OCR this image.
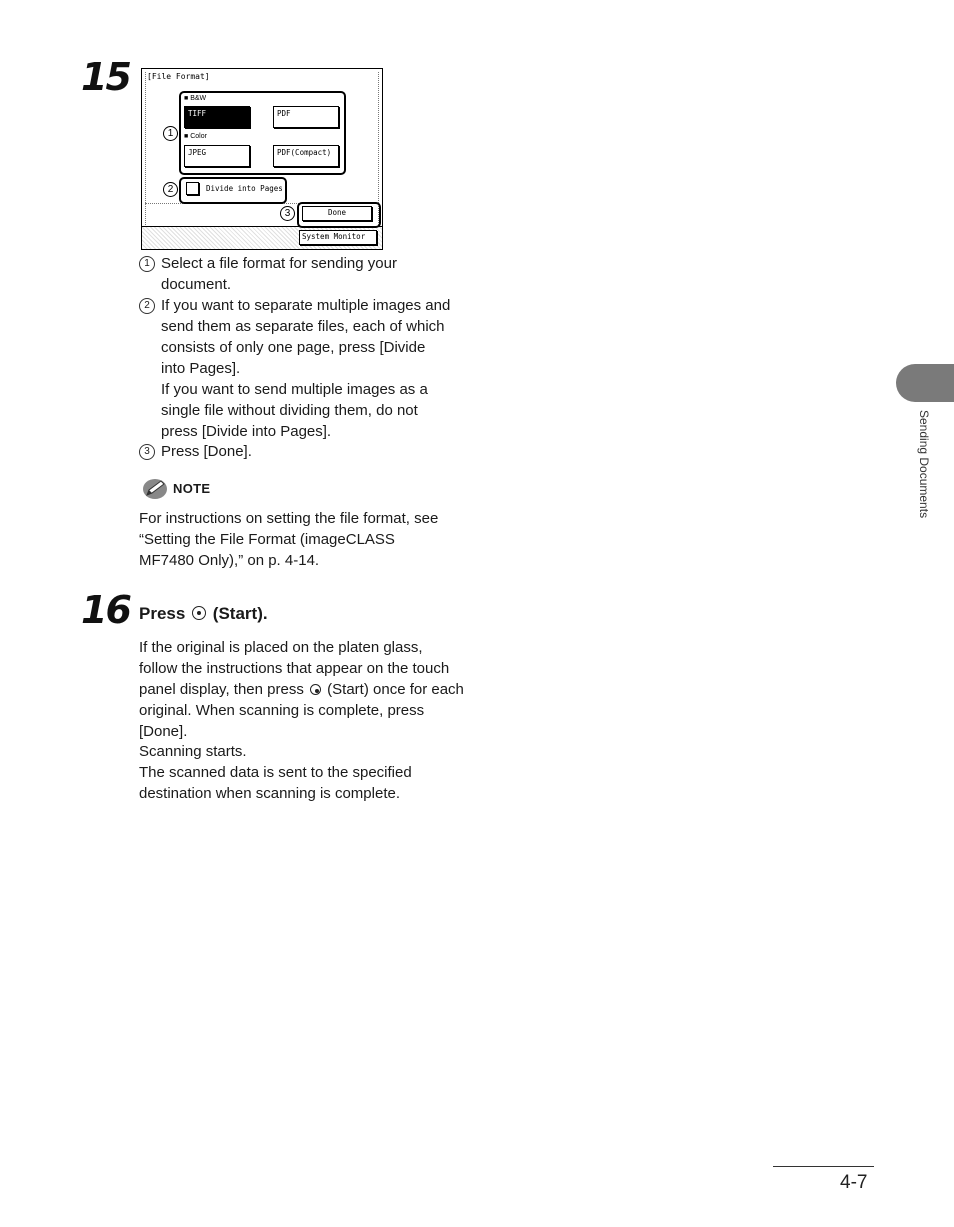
15 [File Format]
■ B&W
TIFF	PDF
■ Color
JPEG	PDF(Compact)
Divide into Pages
Done
System Monitor
1
2
3
1 Select a file format for sending your document.
2 If you want to separate multiple images and send them as separate files, each of which consists of only one page, press [Divide into Pages].
If you want to send multiple images as a single file without dividing them, do not press [Divide into Pages].
3 Press [Done].
NOTE
For instructions on setting the file format, see “Setting the File Format (imageCLASS MF7480 Only),” on p. 4-14.
16 Press (Start).
If the original is placed on the platen glass, follow the instructions that appear on the touch panel display, then press (Start) once for each original. When scanning is complete, press [Done].
Scanning starts.
The scanned data is sent to the specified destination when scanning is complete.
Sending Documents
4-7
